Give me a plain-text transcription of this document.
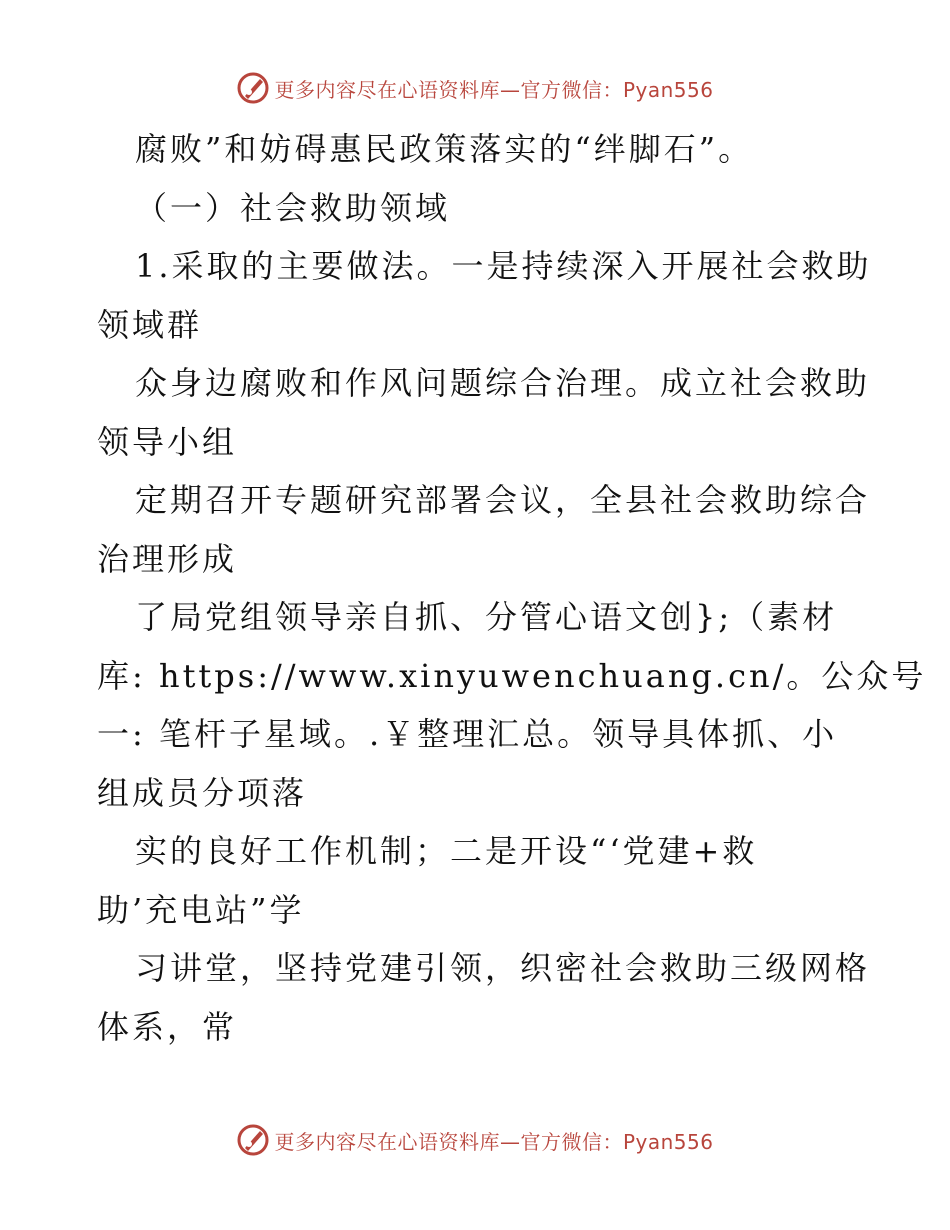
更多内容尽在心语资料库—官方微信：Pyan556
腐败”和妨碍惠民政策落实的“绊脚石”。
（一）社会救助领域
1.采取的主要做法。一是持续深入开展社会救助
领域群
众身边腐败和作风问题综合治理。成立社会救助
领导小组
定期召开专题研究部署会议，全县社会救助综合
治理形成
了局党组领导亲自抓、分管心语文创};（素材
库: https://www.xinyuwenchuang.cn/。公众号
一: 笔杆子星域。.￥整理汇总。领导具体抓、小
组成员分项落
实的良好工作机制；二是开设“‘党建+救
助’充电站”学
习讲堂，坚持党建引领，织密社会救助三级网格
体系，常
更多内容尽在心语资料库—官方微信：Pyan556
